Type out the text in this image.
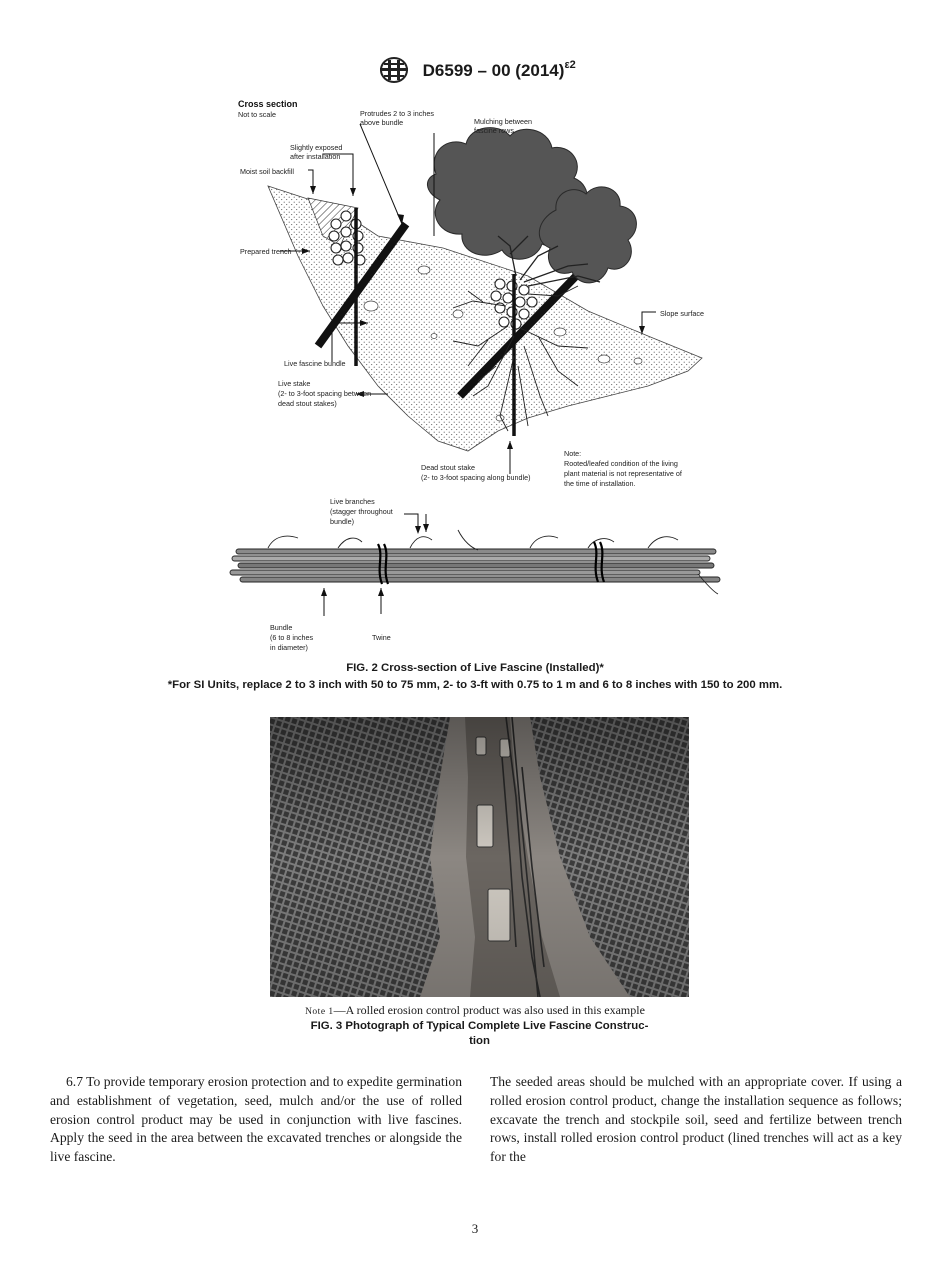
D6599 – 00 $(2014)^{\varepsilon 2}$
Cross section
Not to scale	Protrudes 2 to 3 inches
above bundle	Mulching between
fascine rows
Slightly exposed
after installation
Moist soil backfill
Prepared trench
Slope surface
Live fascine bundle
Live stake
(2- to 3-foot spacing between
dead stout stakes)
Dead stout stake
(2- to 3-foot spacing along bundle)
Note:
Rooted/leafed condition of the living
plant material is not representative of
the time of installation.
Live branches
(stagger throughout
bundle)
Bundle
(6 to 8 inches
in diameter)
Twine
FIG. 2 Cross-section of Live Fascine (Installed)*
*For SI Units, replace 2 to 3 inch with 50 to 75 mm, 2- to 3-ft with 0.75 to 1 m and 6 to 8 inches with 150 to 200 mm.
Note 1—A rolled erosion control product was also used in this example
FIG. 3 Photograph of Typical Complete Live Fascine Construc-
tion

6.7 To provide temporary erosion protection and to expedite germination and establishment of vegetation, seed, mulch and/or the use of rolled erosion control product may be used in conjunction with live fascines. Apply the seed in the area between the excavated trenches or alongside the live fascine.

The seeded areas should be mulched with an appropriate cover. If using a rolled erosion control product, change the installation sequence as follows; excavate the trench and stockpile soil, seed and fertilize between trench rows, install rolled erosion control product (lined trenches will act as a key for the

3
